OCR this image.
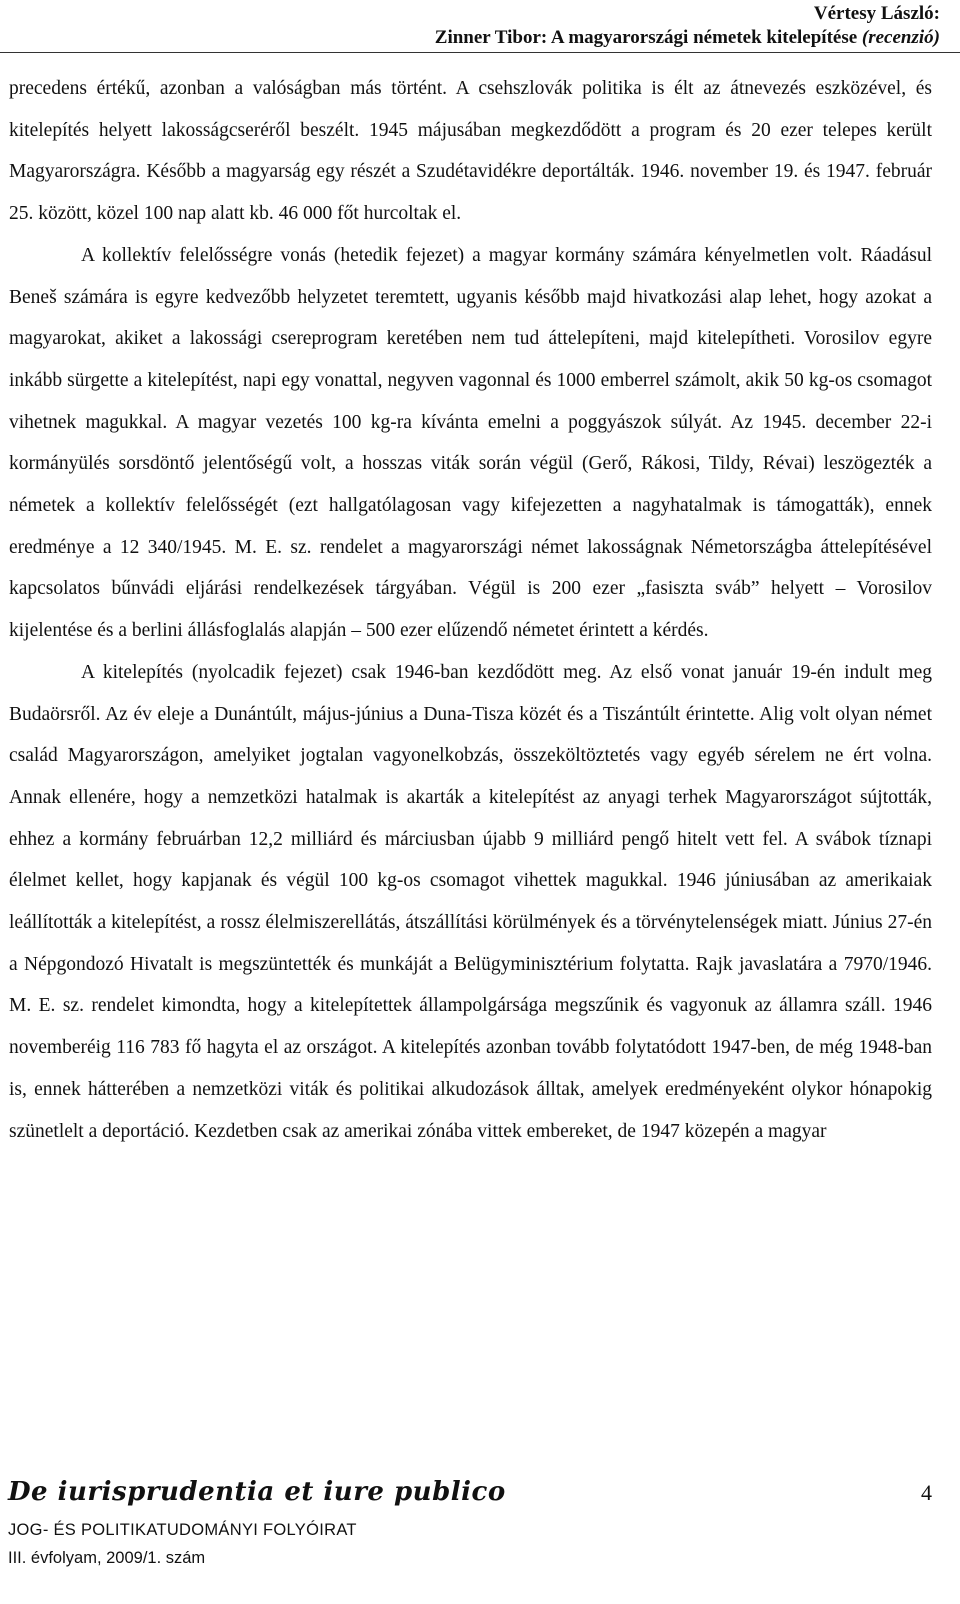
Vértesy László:
Zinner Tibor: A magyarországi németek kitelepítése (recenzió)

precedens értékű, azonban a valóságban más történt. A csehszlovák politika is élt az átnevezés eszközével, és kitelepítés helyett lakosságcseréről beszélt. 1945 májusában megkezdődött a program és 20 ezer telepes került Magyarországra. Később a magyarság egy részét a Szudétavidékre deportálták. 1946. november 19. és 1947. február 25. között, közel 100 nap alatt kb. 46 000 főt hurcoltak el.

A kollektív felelősségre vonás (hetedik fejezet) a magyar kormány számára kényelmetlen volt. Ráadásul Beneš számára is egyre kedvezőbb helyzetet teremtett, ugyanis később majd hivatkozási alap lehet, hogy azokat a magyarokat, akiket a lakossági csereprogram keretében nem tud áttelepíteni, majd kitelepítheti. Vorosilov egyre inkább sürgette a kitelepítést, napi egy vonattal, negyven vagonnal és 1000 emberrel számolt, akik 50 kg-os csomagot vihetnek magukkal. A magyar vezetés 100 kg-ra kívánta emelni a poggyászok súlyát. Az 1945. december 22-i kormányülés sorsdöntő jelentőségű volt, a hosszas viták során végül (Gerő, Rákosi, Tildy, Révai) leszögezték a németek a kollektív felelősségét (ezt hallgatólagosan vagy kifejezetten a nagyhatalmak is támogatták), ennek eredménye a 12 340/1945. M. E. sz. rendelet a magyarországi német lakosságnak Németországba áttelepítésével kapcsolatos bűnvádi eljárási rendelkezések tárgyában. Végül is 200 ezer „fasiszta sváb” helyett – Vorosilov kijelentése és a berlini állásfoglalás alapján – 500 ezer elűzendő németet érintett a kérdés.

A kitelepítés (nyolcadik fejezet) csak 1946-ban kezdődött meg. Az első vonat január 19-én indult meg Budaörsről. Az év eleje a Dunántúlt, május-június a Duna-Tisza közét és a Tiszántúlt érintette. Alig volt olyan német család Magyarországon, amelyiket jogtalan vagyonelkobzás, összeköltöztetés vagy egyéb sérelem ne ért volna. Annak ellenére, hogy a nemzetközi hatalmak is akarták a kitelepítést az anyagi terhek Magyarországot sújtották, ehhez a kormány februárban 12,2 milliárd és márciusban újabb 9 milliárd pengő hitelt vett fel. A svábok tíznapi élelmet kellet, hogy kapjanak és végül 100 kg-os csomagot vihettek magukkal. 1946 júniusában az amerikaiak leállították a kitelepítést, a rossz élelmiszerellátás, átszállítási körülmények és a törvénytelenségek miatt. Június 27-én a Népgondozó Hivatalt is megszüntették és munkáját a Belügyminisztérium folytatta. Rajk javaslatára a 7970/1946. M. E. sz. rendelet kimondta, hogy a kitelepítettek állampolgársága megszűnik és vagyonuk az államra száll. 1946 novemberéig 116 783 fő hagyta el az országot. A kitelepítés azonban tovább folytatódott 1947-ben, de még 1948-ban is, ennek hátterében a nemzetközi viták és politikai alkudozások álltak, amelyek eredményeként olykor hónapokig szünetlelt a deportáció. Kezdetben csak az amerikai zónába vittek embereket, de 1947 közepén a magyar

De iurisprudentia et iure publico
JOG- ÉS POLITIKATUDOMÁNYI FOLYÓIRAT
III. évfolyam, 2009/1. szám
4
